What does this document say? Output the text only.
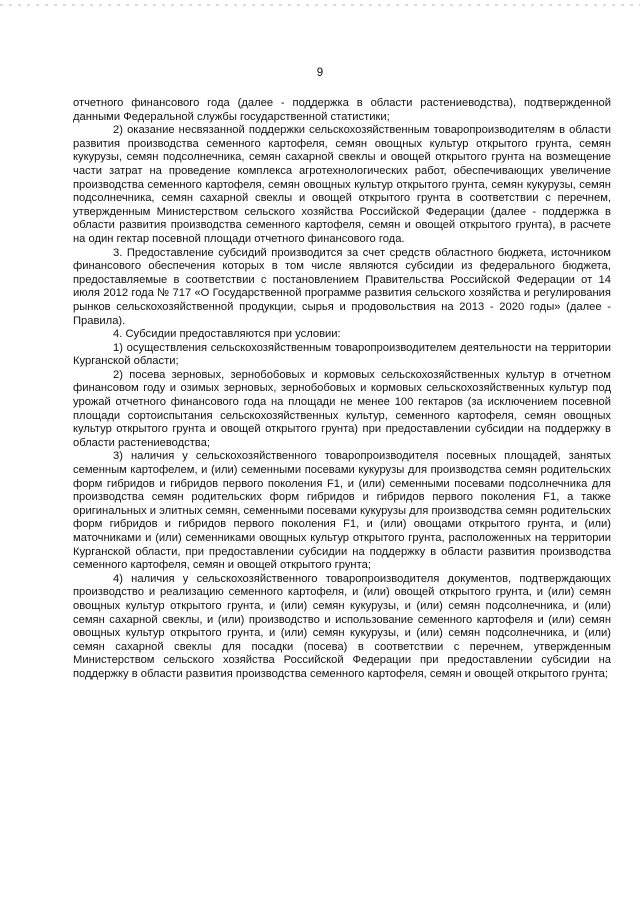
9

отчетного финансового года (далее - поддержка в области растениеводства), подтвержденной данными Федеральной службы государственной статистики;

2) оказание несвязанной поддержки сельскохозяйственным товаропроизводителям в области развития производства семенного картофеля, семян овощных культур открытого грунта, семян кукурузы, семян подсолнечника, семян сахарной свеклы и овощей открытого грунта на возмещение части затрат на проведение комплекса агротехнологических работ, обеспечивающих увеличение производства семенного картофеля, семян овощных культур открытого грунта, семян кукурузы, семян подсолнечника, семян сахарной свеклы и овощей открытого грунта в соответствии с перечнем, утвержденным Министерством сельского хозяйства Российской Федерации (далее - поддержка в области развития производства семенного картофеля, семян и овощей открытого грунта), в расчете на один гектар посевной площади отчетного финансового года.

3. Предоставление субсидий производится за счет средств областного бюджета, источником финансового обеспечения которых в том числе являются субсидии из федерального бюджета, предоставляемые в соответствии с постановлением Правительства Российской Федерации от 14 июля 2012 года № 717 «О Государственной программе развития сельского хозяйства и регулирования рынков сельскохозяйственной продукции, сырья и продовольствия на 2013 - 2020 годы» (далее - Правила).

4. Субсидии предоставляются при условии:

1) осуществления сельскохозяйственным товаропроизводителем деятельности на территории Курганской области;

2) посева зерновых, зернобобовых и кормовых сельскохозяйственных культур в отчетном финансовом году и озимых зерновых, зернобобовых и кормовых сельскохозяйственных культур под урожай отчетного финансового года на площади не менее 100 гектаров (за исключением посевной площади сортоиспытания сельскохозяйственных культур, семенного картофеля, семян овощных культур открытого грунта и овощей открытого грунта) при предоставлении субсидии на поддержку в области растениеводства;

3) наличия у сельскохозяйственного товаропроизводителя посевных площадей, занятых семенным картофелем, и (или) семенными посевами кукурузы для производства семян родительских форм гибридов и гибридов первого поколения F1, и (или) семенными посевами подсолнечника для производства семян родительских форм гибридов и гибридов первого поколения F1, а также оригинальных и элитных семян, семенными посевами кукурузы для производства семян родительских форм гибридов и гибридов первого поколения F1, и (или) овощами открытого грунта, и (или) маточниками и (или) семенниками овощных культур открытого грунта, расположенных на территории Курганской области, при предоставлении субсидии на поддержку в области развития производства семенного картофеля, семян и овощей открытого грунта;

4) наличия у сельскохозяйственного товаропроизводителя документов, подтверждающих производство и реализацию семенного картофеля, и (или) овощей открытого грунта, и (или) семян овощных культур открытого грунта, и (или) семян кукурузы, и (или) семян подсолнечника, и (или) семян сахарной свеклы, и (или) производство и использование семенного картофеля и (или) семян овощных культур открытого грунта, и (или) семян кукурузы, и (или) семян подсолнечника, и (или) семян сахарной свеклы для посадки (посева) в соответствии с перечнем, утвержденным Министерством сельского хозяйства Российской Федерации при предоставлении субсидии на поддержку в области развития производства семенного картофеля, семян и овощей открытого грунта;
